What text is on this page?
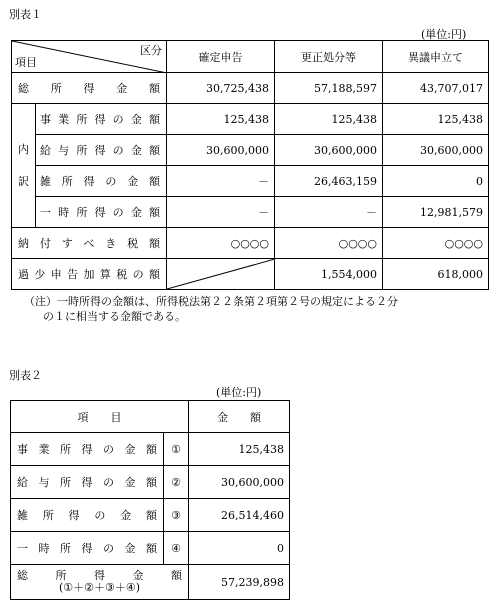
別表１
(単位:円)
区分
項目		確定申告	更正処分等	異議申立て
総　所　得　金　額		30,725,438	57,188,597	43,707,017

内
訳	事業所得の金額	125,438	125,438	125,438
	給与所得の金額	30,600,000	30,600,000	30,600,000
	雑所得の金額	－	26,463,159	0
	一時所得の金額	－	－	12,981,579
納付すべき税額		○○○○	○○○○	○○○○
過少申告加算税の額			1,554,000	618,000
（注）一時所得の金額は、所得税法第２２条第２項第２号の規定による２分
の１に相当する金額である。
別表２
(単位:円)
項　　目		金　　額
事業所得の金額	①	125,438
給与所得の金額	②	30,600,000
雑所得の金額	③	26,514,460
一時所得の金額	④	0

総所得金額
(①＋②＋③＋④)		57,239,898
